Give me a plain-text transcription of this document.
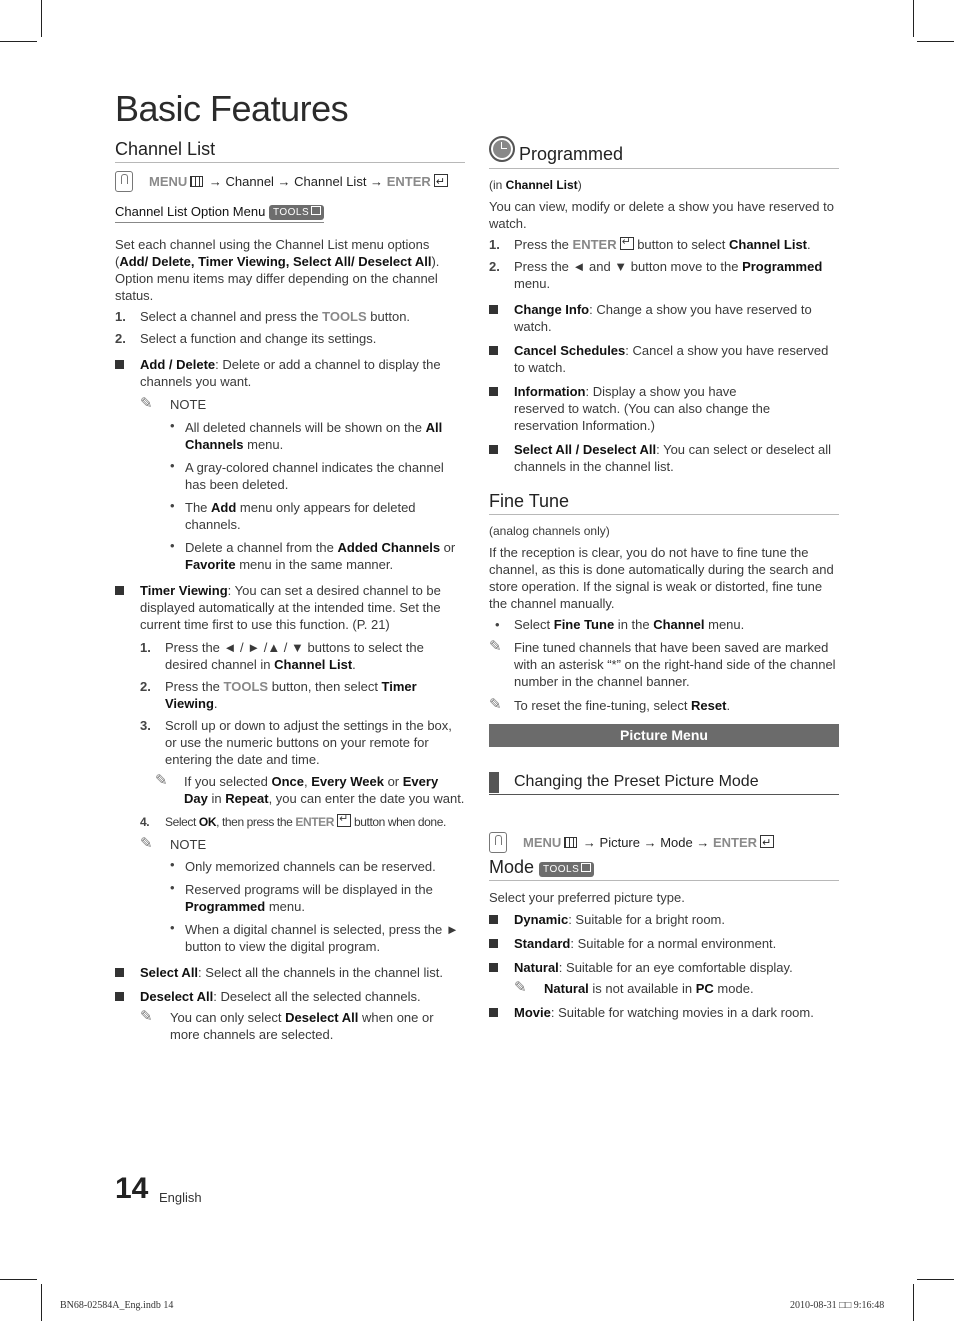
Basic Features
Channel List
MENU → Channel → Channel List → ENTER↵
Channel List Option Menu TOOLS

Set each channel using the Channel List menu options (Add/ Delete, Timer Viewing, Select All/ Deselect All). Option menu items may differ depending on the channel status.

1. Select a channel and press the TOOLS button.
2. Select a function and change its settings.
Add / Delete: Delete or add a channel to display the channels you want.
✎ NOTE
• All deleted channels will be shown on the All Channels menu.
• A gray-colored channel indicates the channel has been deleted.
• The Add menu only appears for deleted channels.
• Delete a channel from the Added Channels or Favorite menu in the same manner.
Timer Viewing: You can set a desired channel to be displayed automatically at the intended time. Set the current time first to use this function. (P. 21)
1. Press the ◄ / ► /▲ / ▼ buttons to select the desired channel in Channel List.
2. Press the TOOLS button, then select Timer Viewing.
3. Scroll up or down to adjust the settings in the box, or use the numeric buttons on your remote for entering the date and time.
✎ If you selected Once, Every Week or Every Day in Repeat, you can enter the date you want.
4. Select OK, then press the ENTER↵ button when done.
✎ NOTE
• Only memorized channels can be reserved.
• Reserved programs will be displayed in the Programmed menu.
• When a digital channel is selected, press the ► button to view the digital program.
Select All: Select all the channels in the channel list.
Deselect All: Deselect all the selected channels.
✎ You can only select Deselect All when one or more channels are selected.
Programmed

(in Channel List)

You can view, modify or delete a show you have reserved to watch.

1. Press the ENTER↵ button to select Channel List.
2. Press the ◄ and ▼ button move to the Programmed menu.
Change Info: Change a show you have reserved to watch.
Cancel Schedules: Cancel a show you have reserved to watch.
Information: Display a show you have reserved to watch. (You can also change the reservation Information.)
Select All / Deselect All: You can select or deselect all channels in the channel list.
Fine Tune

(analog channels only)

If the reception is clear, you do not have to fine tune the channel, as this is done automatically during the search and store operation. If the signal is weak or distorted, fine tune the channel manually.

• Select Fine Tune in the Channel menu.
✎ Fine tuned channels that have been saved are marked with an asterisk “*” on the right-hand side of the channel number in the channel banner.
✎ To reset the fine-tuning, select Reset.
Picture Menu
Changing the Preset Picture Mode
MENU → Picture → Mode → ENTER↵
Mode TOOLS

Select your preferred picture type.

Dynamic: Suitable for a bright room.
Standard: Suitable for a normal environment.
Natural: Suitable for an eye comfortable display.
✎ Natural is not available in PC mode.
Movie: Suitable for watching movies in a dark room.
14 English
BN68-02584A_Eng.indb 14	2010-08-31 □□ 9:16:48
